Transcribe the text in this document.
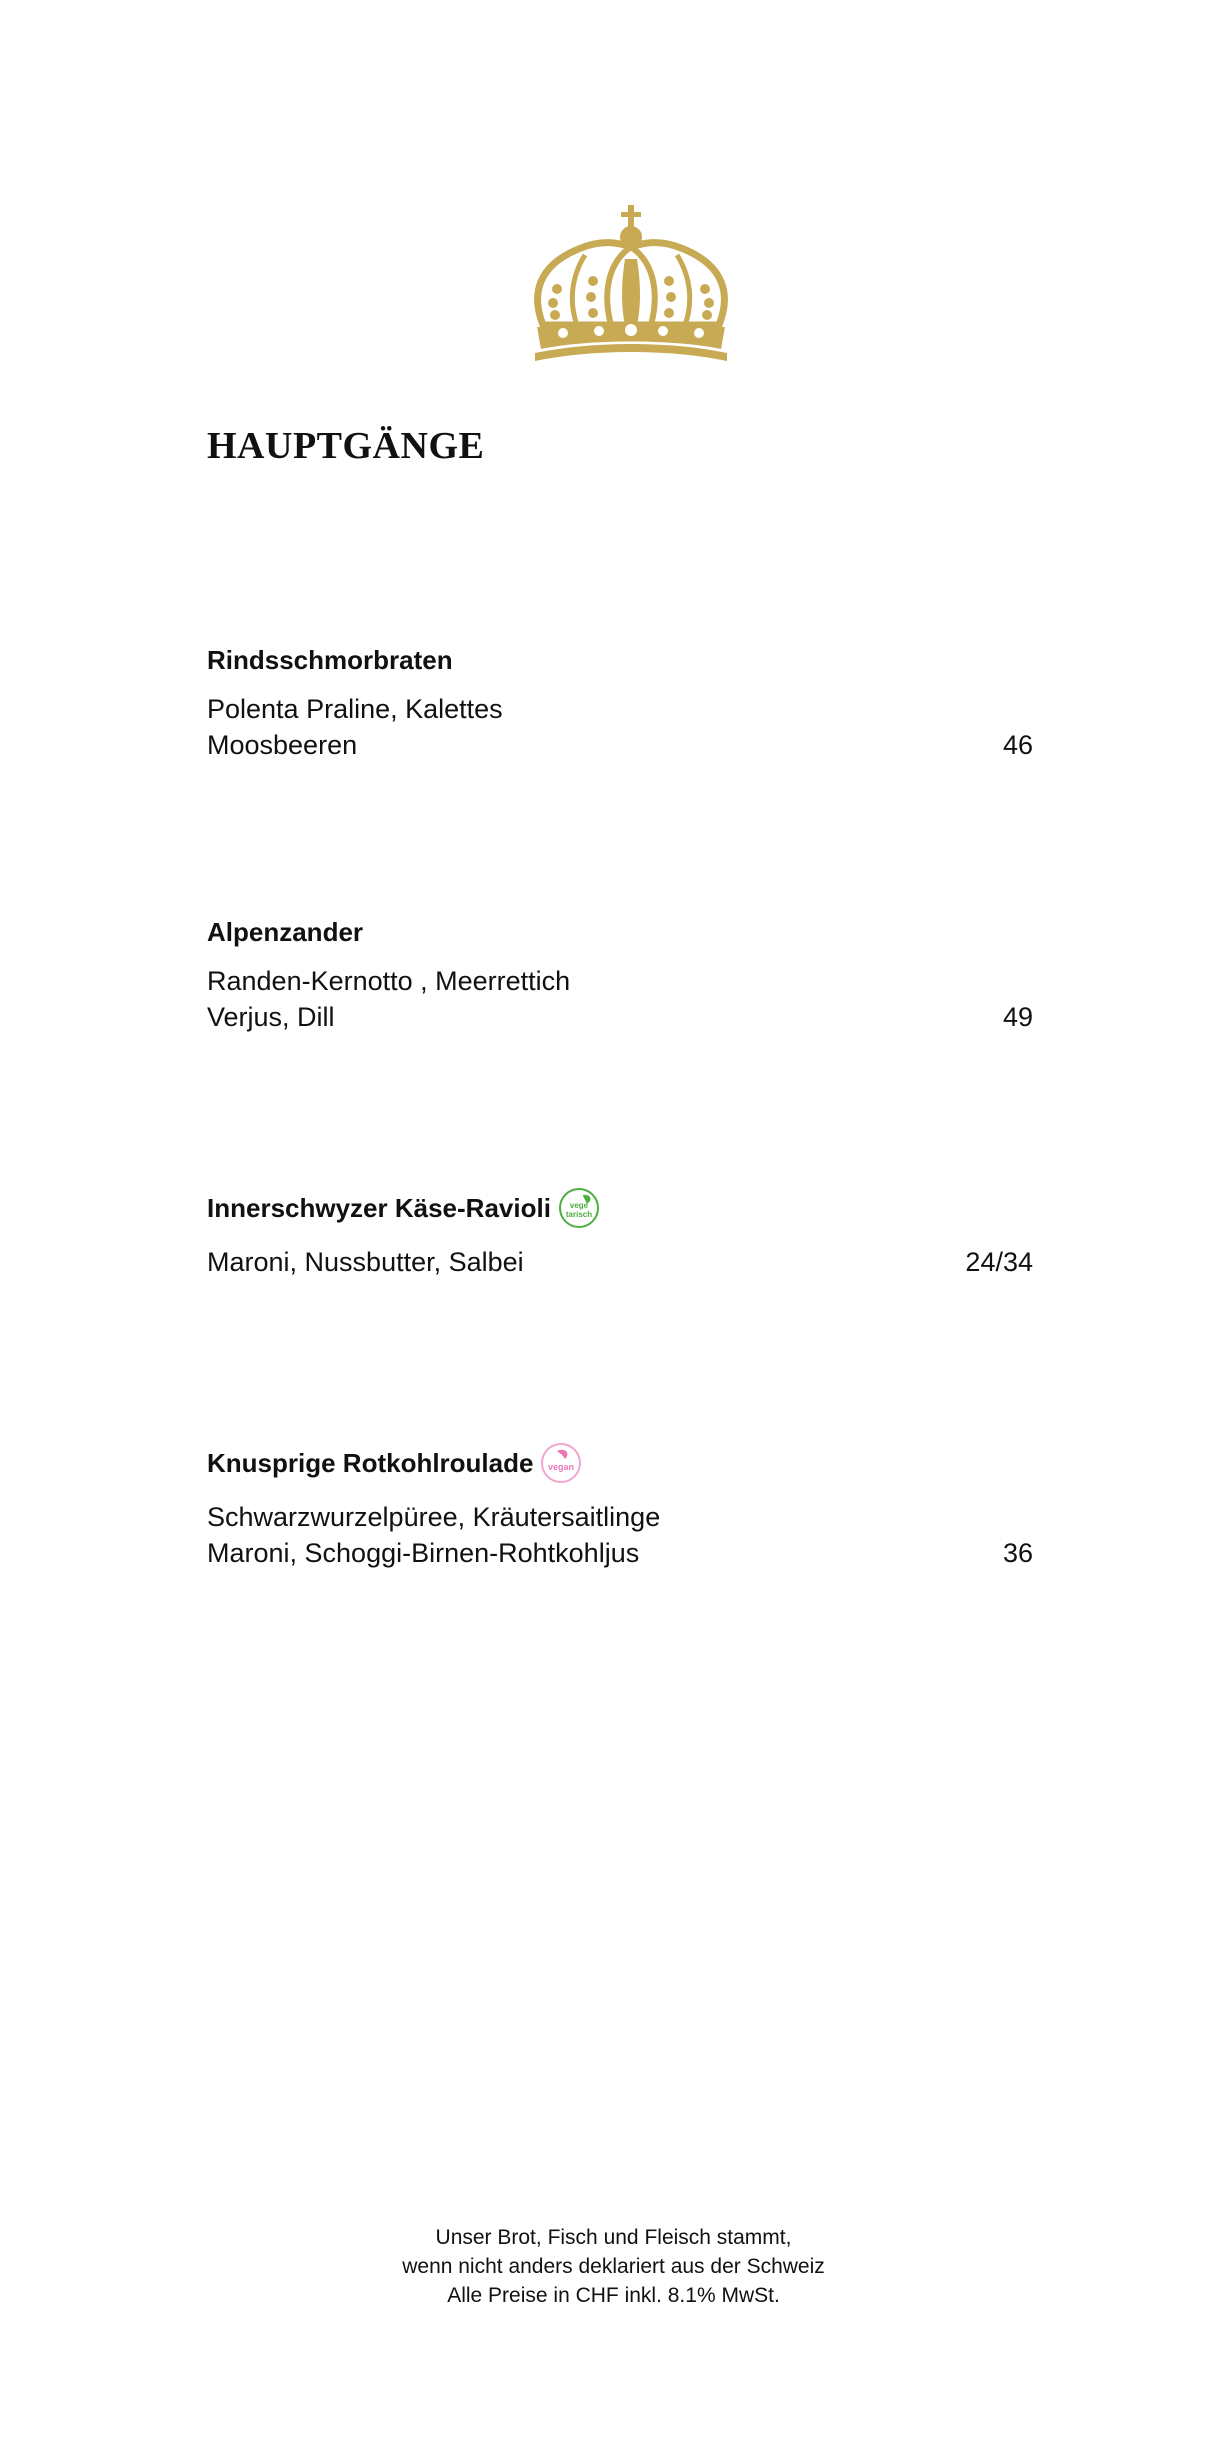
HAUPTGÄNGE
Rindsschmorbraten
Polenta Praline, Kalettes
Moosbeeren	46
Alpenzander
Randen-Kernotto , Meerrettich
Verjus, Dill	49
Innerschwyzer Käse-Ravioli vege
tarisch
Maroni, Nussbutter, Salbei	24/34
Knusprige Rotkohlroulade vegan
Schwarzwurzelpüree, Kräutersaitlinge
Maroni, Schoggi-Birnen-Rohtkohljus	36
Unser Brot, Fisch und Fleisch stammt,
wenn nicht anders deklariert aus der Schweiz
Alle Preise in CHF inkl. 8.1% MwSt.
